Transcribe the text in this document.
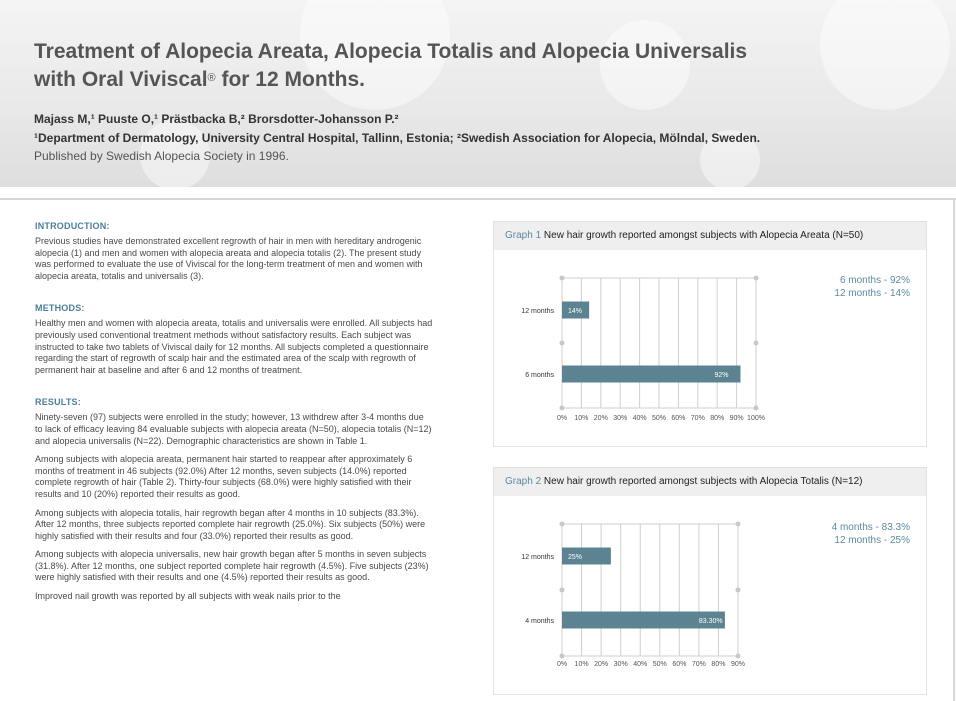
Treatment of Alopecia Areata, Alopecia Totalis and Alopecia Universalis
with Oral Viviscal® for 12 Months.
Majass M,¹ Puuste O,¹ Prästbacka B,² Brorsdotter-Johansson P.²
¹Department of Dermatology, University Central Hospital, Tallinn, Estonia; ²Swedish Association for Alopecia, Mölndal, Sweden.
Published by Swedish Alopecia Society in 1996.
INTRODUCTION:

Previous studies have demonstrated excellent regrowth of hair in men with hereditary androgenic alopecia (1) and men and women with alopecia areata and alopecia totalis (2). The present study was performed to evaluate the use of Viviscal for the long-term treatment of men and women with alopecia areata, totalis and universalis (3).

METHODS:

Healthy men and women with alopecia areata, totalis and universalis were enrolled. All subjects had previously used conventional treatment methods without satisfactory results. Each subject was instructed to take two tablets of Viviscal daily for 12 months. All subjects completed a questionnaire regarding the start of regrowth of scalp hair and the estimated area of the scalp with regrowth of permanent hair at baseline and after 6 and 12 months of treatment.

RESULTS:

Ninety-seven (97) subjects were enrolled in the study; however, 13 withdrew after 3-4 months due to lack of efficacy leaving 84 evaluable subjects with alopecia areata (N=50), alopecia totalis (N=12) and alopecia universalis (N=22). Demographic characteristics are shown in Table 1.

Among subjects with alopecia areata, permanent hair started to reappear after approximately 6 months of treatment in 46 subjects (92.0%) After 12 months, seven subjects (14.0%) reported complete regrowth of hair (Table 2). Thirty-four subjects (68.0%) were highly satisfied with their results and 10 (20%) reported their results as good.

Among subjects with alopecia totalis, hair regrowth began after 4 months in 10 subjects (83.3%). After 12 months, three subjects reported complete hair regrowth (25.0%). Six subjects (50%) were highly satisfied with their results and four (33.0%) reported their results as good.

Among subjects with alopecia universalis, new hair growth began after 5 months in seven subjects (31.8%). After 12 months, one subject reported complete hair regrowth (4.5%). Five subjects (23%) were highly satisfied with their results and one (4.5%) reported their results as good.

Improved nail growth was reported by all subjects with weak nails prior to the

Graph 1 New hair growth reported amongst subjects with Alopecia Areata (N=50)
6 months - 92%
12 months - 14%
0% 10% 20% 30% 40% 50% 60% 70% 80% 90% 100%
12 months 14%
6 months	92%
Graph 2 New hair growth reported amongst subjects with Alopecia Totalis (N=12)
4 months - 83.3%
12 months - 25%
0% 10% 20% 30% 40% 50% 60% 70% 80% 90%
12 months 25%
4 months	83.30%
